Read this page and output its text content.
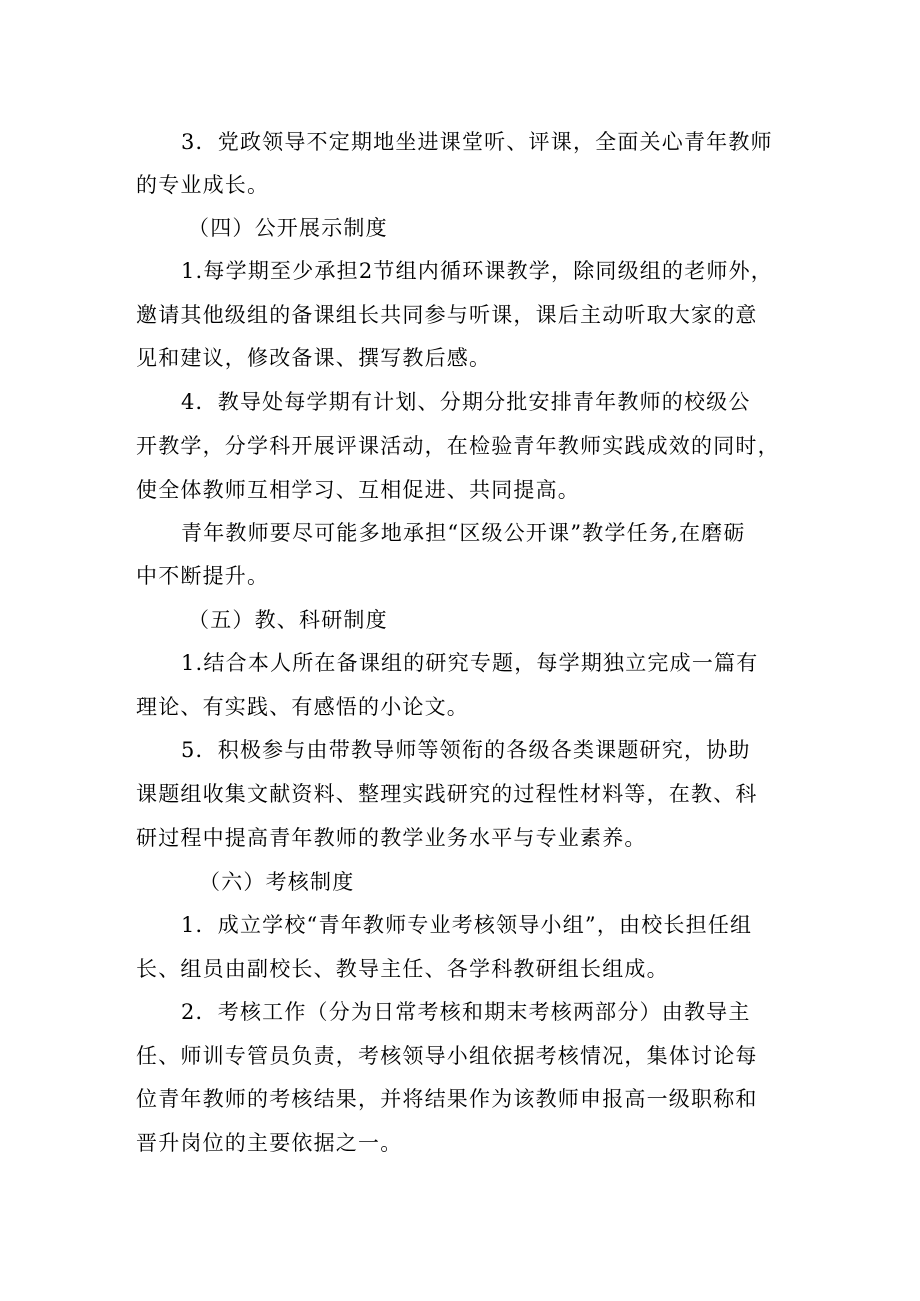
3．党政领导不定期地坐进课堂听、评课，全面关心青年教师
的专业成长。
（四）公开展示制度
1.每学期至少承担2节组内循环课教学，除同级组的老师外，
邀请其他级组的备课组长共同参与听课，课后主动听取大家的意
见和建议，修改备课、撰写教后感。
4．教导处每学期有计划、分期分批安排青年教师的校级公
开教学，分学科开展评课活动，在检验青年教师实践成效的同时，
使全体教师互相学习、互相促进、共同提高。
青年教师要尽可能多地承担“区级公开课”教学任务,在磨砺
中不断提升。
（五）教、科研制度
1.结合本人所在备课组的研究专题，每学期独立完成一篇有
理论、有实践、有感悟的小论文。
5．积极参与由带教导师等领衔的各级各类课题研究，协助
课题组收集文献资料、整理实践研究的过程性材料等，在教、科
研过程中提高青年教师的教学业务水平与专业素养。
（六）考核制度
1．成立学校“青年教师专业考核领导小组”，由校长担任组
长、组员由副校长、教导主任、各学科教研组长组成。
2．考核工作（分为日常考核和期末考核两部分）由教导主
任、师训专管员负责，考核领导小组依据考核情况，集体讨论每
位青年教师的考核结果，并将结果作为该教师申报高一级职称和
晋升岗位的主要依据之一。
